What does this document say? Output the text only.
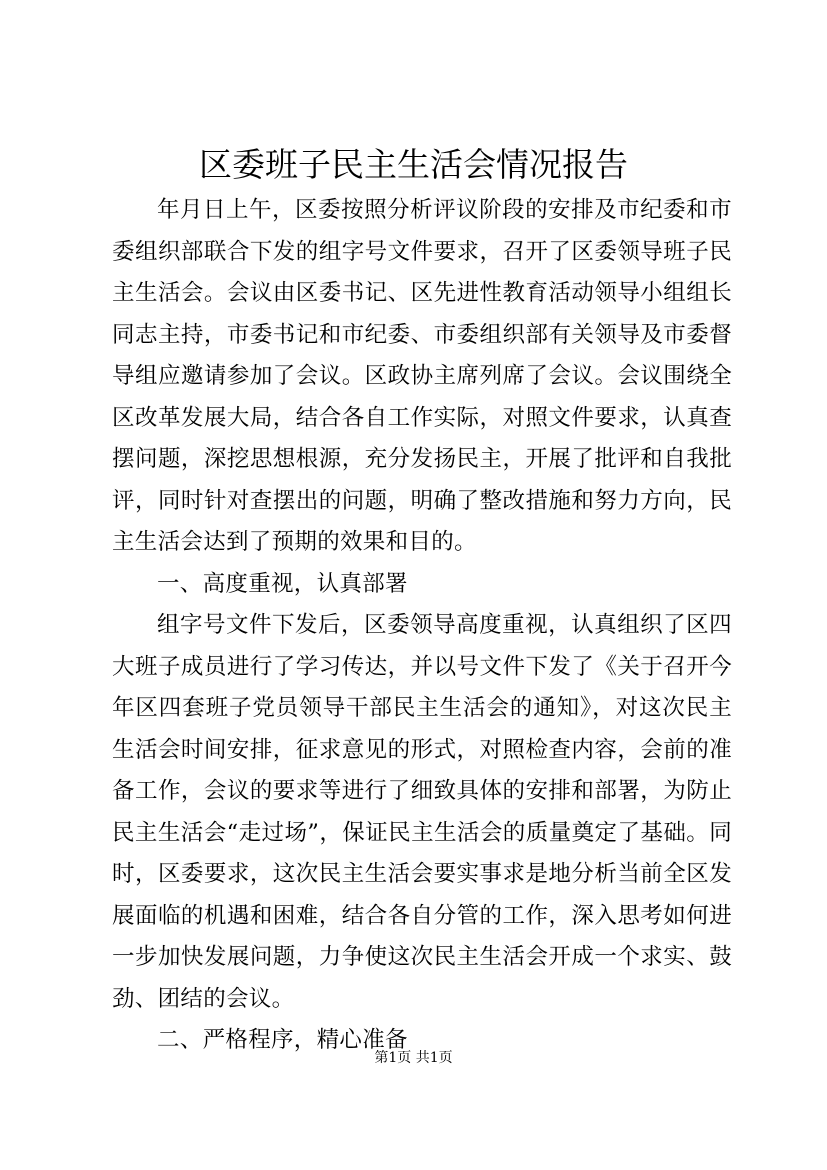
区委班子民主生活会情况报告

年月日上午，区委按照分析评议阶段的安排及市纪委和市委组织部联合下发的组字号文件要求，召开了区委领导班子民主生活会。会议由区委书记、区先进性教育活动领导小组组长同志主持，市委书记和市纪委、市委组织部有关领导及市委督导组应邀请参加了会议。区政协主席列席了会议。会议围绕全区改革发展大局，结合各自工作实际，对照文件要求，认真查摆问题，深挖思想根源，充分发扬民主，开展了批评和自我批评，同时针对查摆出的问题，明确了整改措施和努力方向，民主生活会达到了预期的效果和目的。

一、高度重视，认真部署

组字号文件下发后，区委领导高度重视，认真组织了区四大班子成员进行了学习传达，并以号文件下发了《关于召开今年区四套班子党员领导干部民主生活会的通知》，对这次民主生活会时间安排，征求意见的形式，对照检查内容，会前的准备工作，会议的要求等进行了细致具体的安排和部署，为防止民主生活会“走过场”，保证民主生活会的质量奠定了基础。同时，区委要求，这次民主生活会要实事求是地分析当前全区发展面临的机遇和困难，结合各自分管的工作，深入思考如何进一步加快发展问题，力争使这次民主生活会开成一个求实、鼓劲、团结的会议。

二、严格程序，精心准备

第1页 共1页
